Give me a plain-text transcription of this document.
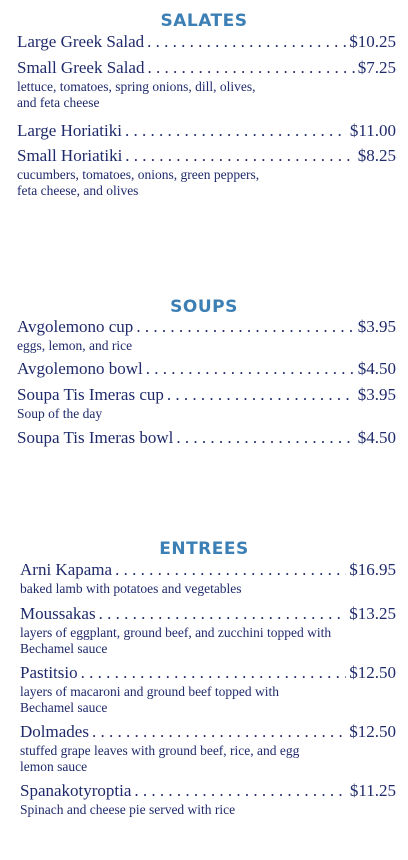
SALATES
Large Greek Salad . . .	$10.25
Small Greek Salad . . .	$7.25
lettuce, tomatoes, spring onions, dill, olives,
and feta cheese
Large Horiatiki . . .	$11.00
Small Horiatiki . . .	$8.25
cucumbers, tomatoes, onions, green peppers,
feta cheese, and olives
SOUPS
Avgolemono cup . . .	$3.95
eggs, lemon, and rice
Avgolemono bowl . . .	$4.50
Soupa Tis Imeras cup . . .	$3.95
Soup of the day
Soupa Tis Imeras bowl . . .	$4.50
ENTREES
Arni Kapama . . .	$16.95
baked lamb with potatoes and vegetables
Moussakas . . .	$13.25
layers of eggplant, ground beef, and zucchini topped with
Bechamel sauce
Pastitsio . . .	$12.50
layers of macaroni and ground beef topped with
Bechamel sauce
Dolmades . . .	$12.50
stuffed grape leaves with ground beef, rice, and egg
lemon sauce
Spanakotyroptia . . .	$11.25
Spinach and cheese pie served with rice
